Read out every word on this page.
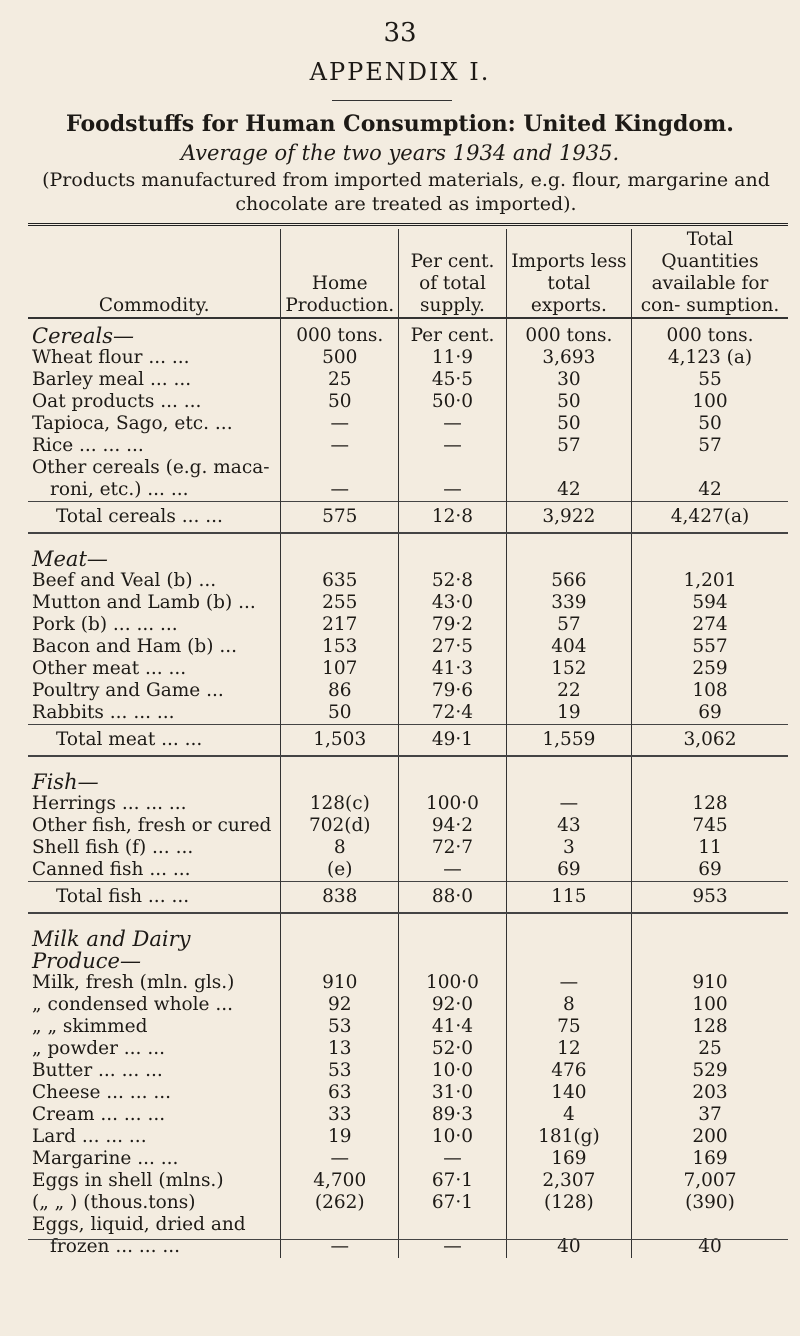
33
APPENDIX I.
Foodstuffs for Human Consumption: United Kingdom.
Average of the two years 1934 and 1935.
(Products manufactured from imported materials, e.g. flour, margarine and chocolate are treated as imported).
Commodity.	Home Production.	Per cent. of total supply.	Imports less total exports.	Total Quantities available for con- sumption.
Cereals—	000 tons.	Per cent.	000 tons.	000 tons.
Wheat flour ... ...	500	11·9	3,693	4,123 (a)
Barley meal ... ...	25	45·5	30	55
Oat products ... ...	50	50·0	50	100
Tapioca, Sago, etc. ...	—	—	50	50
Rice ... ... ...	—	—	57	57
Other cereals (e.g. maca-				
roni, etc.) ... ...	—	—	42	42
Total cereals ... ...	575	12·8	3,922	4,427(a)

Meat—				
Beef and Veal (b) ...	635	52·8	566	1,201
Mutton and Lamb (b) ...	255	43·0	339	594
Pork (b) ... ... ...	217	79·2	57	274
Bacon and Ham (b) ...	153	27·5	404	557
Other meat ... ...	107	41·3	152	259
Poultry and Game ...	86	79·6	22	108
Rabbits ... ... ...	50	72·4	19	69
Total meat ... ...	1,503	49·1	1,559	3,062

Fish—				
Herrings ... ... ...	128(c)	100·0	—	128
Other fish, fresh or cured	702(d)	94·2	43	745
Shell fish (f) ... ...	8	72·7	3	11
Canned fish ... ...	(e)	—	69	69
Total fish ... ...	838	88·0	115	953

Milk and Dairy Produce—				
Milk, fresh (mln. gls.)	910	100·0	—	910
„ condensed whole ...	92	92·0	8	100
„ „ skimmed	53	41·4	75	128
„ powder ... ...	13	52·0	12	25
Butter ... ... ...	53	10·0	476	529
Cheese ... ... ...	63	31·0	140	203
Cream ... ... ...	33	89·3	4	37
Lard ... ... ...	19	10·0	181(g)	200
Margarine ... ...	—	—	169	169
Eggs in shell (mlns.)	4,700	67·1	2,307	7,007
(„ „ ) (thous.tons)	(262)	67·1	(128)	(390)
Eggs, liquid, dried and				
frozen ... ... ...	—	—	40	40
